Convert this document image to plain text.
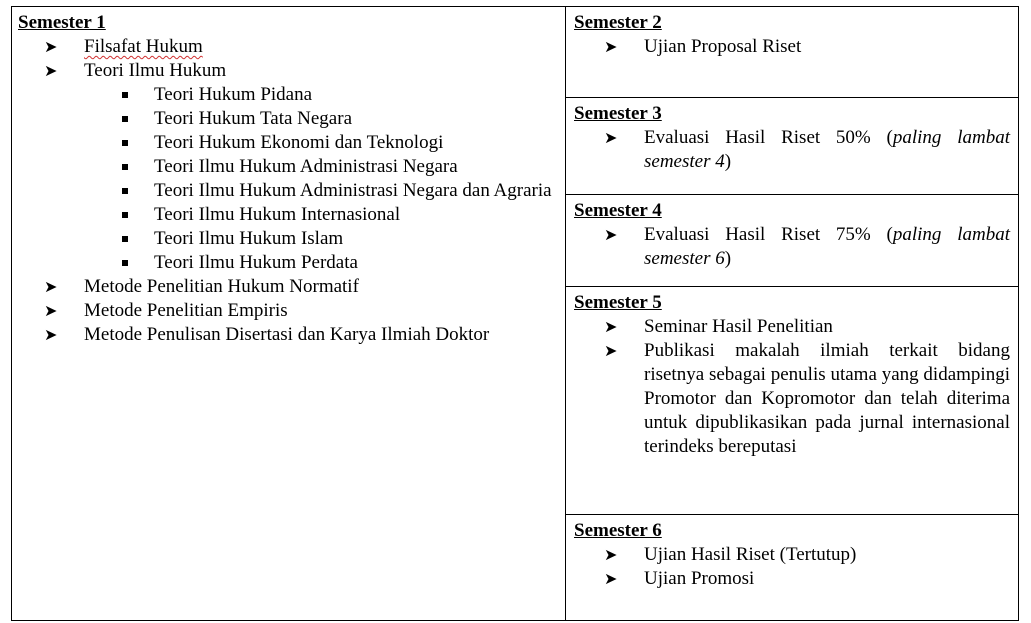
Semester 1

➤ Filsafat Hukum
➤ Teori Ilmu Hukum
Teori Hukum Pidana
Teori Hukum Tata Negara
Teori Hukum Ekonomi dan Teknologi
Teori Ilmu Hukum Administrasi Negara
Teori Ilmu Hukum Administrasi Negara dan Agraria
Teori Ilmu Hukum Internasional
Teori Ilmu Hukum Islam
Teori Ilmu Hukum Perdata
➤ Metode Penelitian Hukum Normatif
➤ Metode Penelitian Empiris
➤ Metode Penulisan Disertasi dan Karya Ilmiah Doktor

Semester 2

➤ Ujian Proposal Riset

Semester 3

➤ Evaluasi Hasil Riset 50% (paling lambat semester 4)

Semester 4

➤ Evaluasi Hasil Riset 75% (paling lambat semester 6)

Semester 5

➤ Seminar Hasil Penelitian
➤ Publikasi makalah ilmiah terkait bidang risetnya sebagai penulis utama yang didampingi Promotor dan Kopromotor dan telah diterima untuk dipublikasikan pada jurnal internasional terindeks bereputasi

Semester 6

➤ Ujian Hasil Riset (Tertutup)
➤ Ujian Promosi
